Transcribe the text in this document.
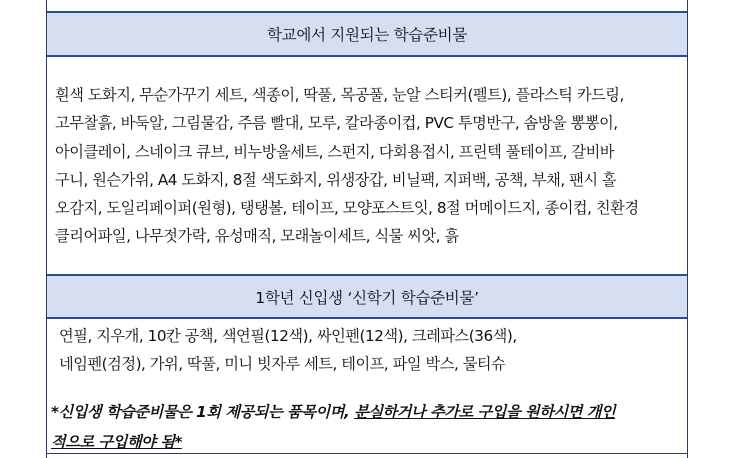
학교에서 지원되는 학습준비물
흰색 도화지, 무순가꾸기 세트, 색종이, 딱풀, 목공풀, 눈알 스티커(펠트), 플라스틱 카드링,
고무찰흙, 바둑알, 그림물감, 주름 빨대, 모루, 칼라종이컵, PVC 투명반구, 솜방울 뽕뽕이,
아이클레이, 스네이크 큐브, 비누방울세트, 스펀지, 다회용접시, 프린텍 풀테이프, 갈비바
구니, 원슨가위, A4 도화지, 8절 색도화지, 위생장갑, 비닐팩, 지퍼백, 공책, 부채, 팬시 홀
오감지, 도일리페이퍼(원형), 탱탱볼, 테이프, 모양포스트잇, 8절 머메이드지, 종이컵, 친환경
클리어파일, 나무젓가락, 유성매직, 모래놀이세트, 식물 씨앗, 흙
1학년 신입생 ‘신학기 학습준비물’
연필, 지우개, 10칸 공책, 색연필(12색), 싸인펜(12색), 크레파스(36색),
네임펜(검정), 가위, 딱풀, 미니 빗자루 세트, 테이프, 파일 박스, 물티슈
*신입생 학습준비물은 1회 제공되는 품목이며, 분실하거나 추가로 구입을 원하시면 개인
적으로 구입해야 됨*
